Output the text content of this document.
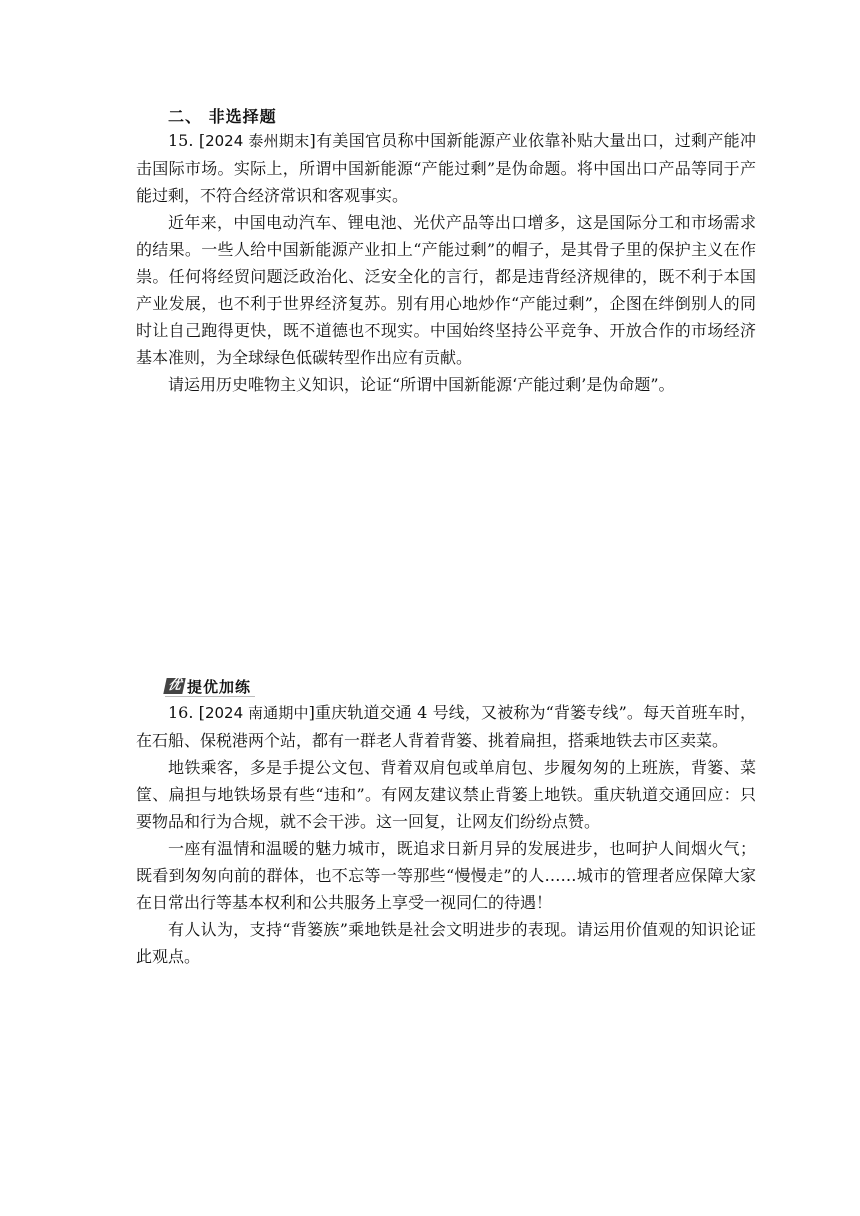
二、 非选择题

15. [2024 泰州期末]有美国官员称中国新能源产业依靠补贴大量出口，过剩产能冲击国际市场。实际上，所谓中国新能源“产能过剩”是伪命题。将中国出口产品等同于产能过剩，不符合经济常识和客观事实。

近年来，中国电动汽车、锂电池、光伏产品等出口增多，这是国际分工和市场需求的结果。一些人给中国新能源产业扣上“产能过剩”的帽子，是其骨子里的保护主义在作祟。任何将经贸问题泛政治化、泛安全化的言行，都是违背经济规律的，既不利于本国产业发展，也不利于世界经济复苏。别有用心地炒作“产能过剩”，企图在绊倒别人的同时让自己跑得更快，既不道德也不现实。中国始终坚持公平竞争、开放合作的市场经济基本准则，为全球绿色低碳转型作出应有贡献。

请运用历史唯物主义知识，论证“所谓中国新能源‘产能过剩’是伪命题”。

优 提优加练

16. [2024 南通期中]重庆轨道交通 4 号线，又被称为“背篓专线”。每天首班车时，在石船、保税港两个站，都有一群老人背着背篓、挑着扁担，搭乘地铁去市区卖菜。

地铁乘客，多是手提公文包、背着双肩包或单肩包、步履匆匆的上班族，背篓、菜筐、扁担与地铁场景有些“违和”。有网友建议禁止背篓上地铁。重庆轨道交通回应：只要物品和行为合规，就不会干涉。这一回复，让网友们纷纷点赞。

一座有温情和温暖的魅力城市，既追求日新月异的发展进步，也呵护人间烟火气；既看到匆匆向前的群体，也不忘等一等那些“慢慢走”的人……城市的管理者应保障大家在日常出行等基本权利和公共服务上享受一视同仁的待遇！

有人认为，支持“背篓族”乘地铁是社会文明进步的表现。请运用价值观的知识论证此观点。
